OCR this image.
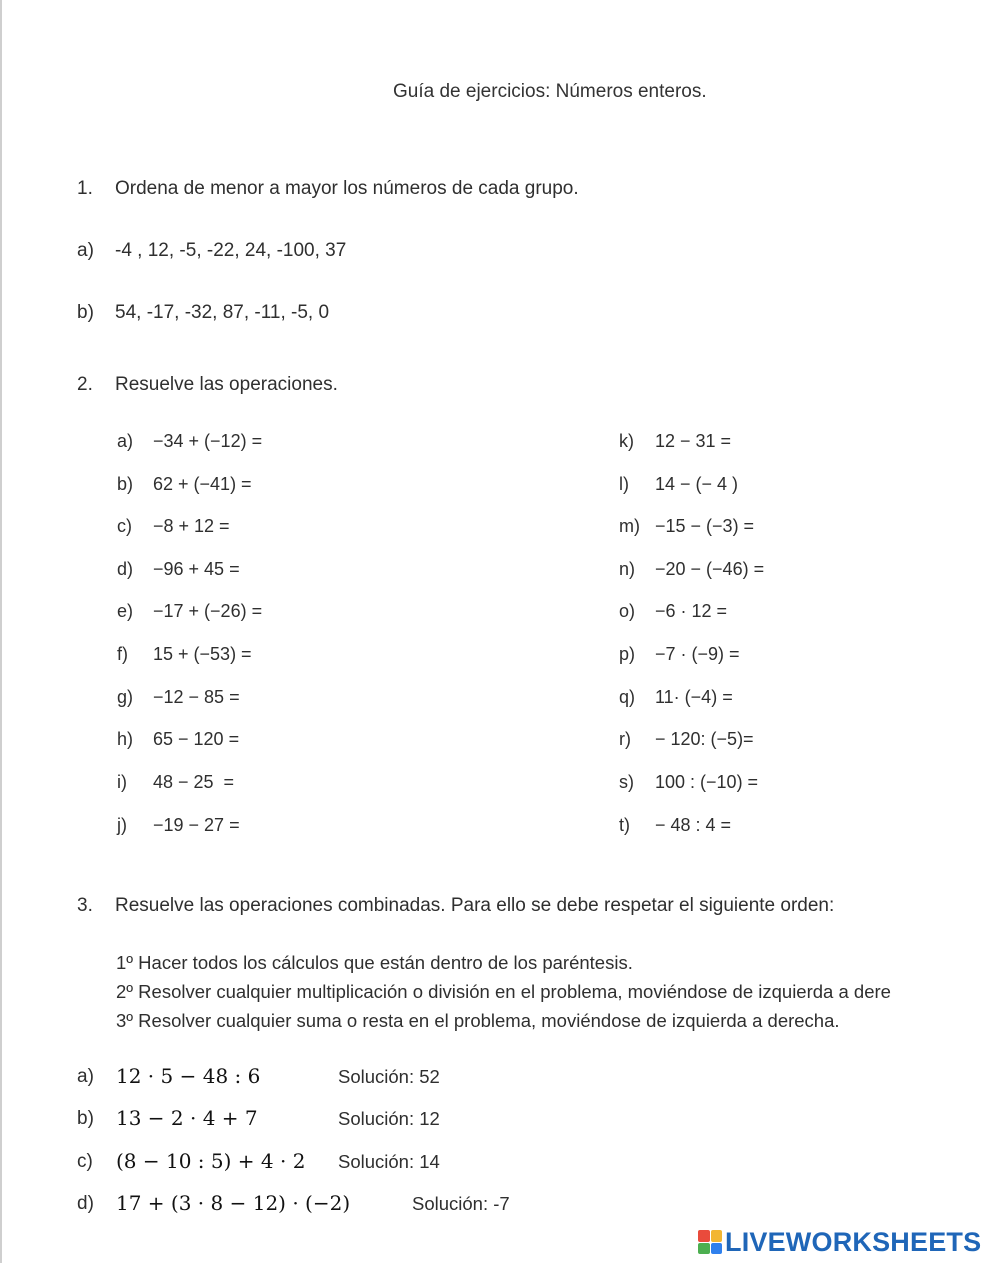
Guía de ejercicios: Números enteros.
1. Ordena de menor a mayor los números de cada grupo.
a) -4 , 12, -5, -22, 24, -100, 37
b) 54, -17, -32, 87, -11, -5, 0
2. Resuelve las operaciones.
a) −34 + (−12) =
b) 62 + (−41) =
c) −8 + 12 =
d) −96 + 45 =
e) −17 + (−26) =
f) 15 + (−53) =
g) −12 − 85 =
h) 65 − 120 =
i) 48 − 25  =
j) −19 − 27 =
k) 12 − 31 =
l) 14 − (− 4 )
m) −15 − (−3) =
n) −20 − (−46) =
o) −6 · 12 =
p) −7 · (−9) =
q) 11· (−4) =
r) − 120: (−5)=
s) 100 : (−10) =
t) − 48 : 4 =
3. Resuelve las operaciones combinadas. Para ello se debe respetar el siguiente orden:
1º Hacer todos los cálculos que están dentro de los paréntesis.
2º Resolver cualquier multiplicación o división en el problema, moviéndose de izquierda a dere
3º Resolver cualquier suma o resta en el problema, moviéndose de izquierda a derecha.
a) 12 · 5 − 48 : 6	Solución: 52
b) 13 − 2 · 4 + 7	Solución: 12
c) (8 − 10 : 5) + 4 · 2 Solución: 14
d) 17 + (3 · 8 − 12) · (−2)	Solución: -7
LIVEWORKSHEETS
